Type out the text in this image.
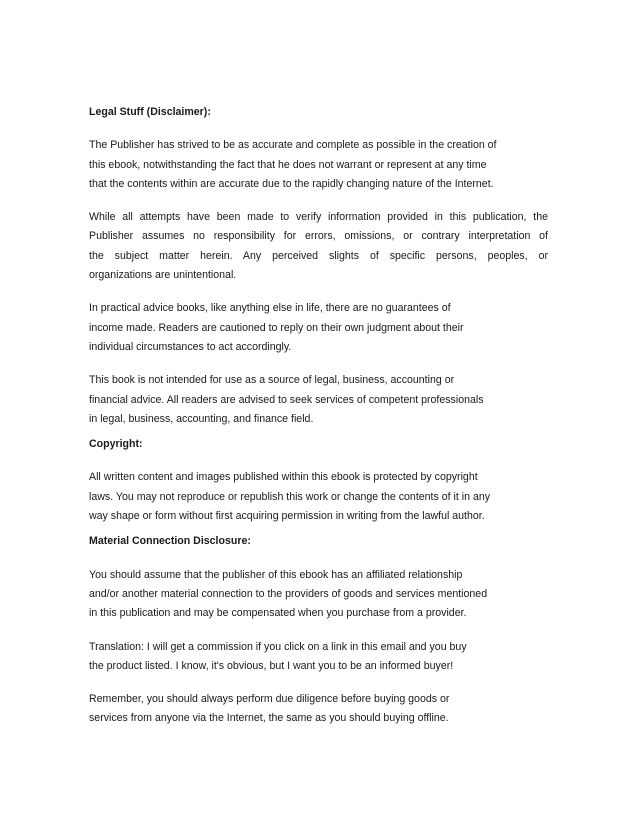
Legal Stuff (Disclaimer):
The Publisher has strived to be as accurate and complete as possible in the creation of
this ebook, notwithstanding the fact that he does not warrant or represent at any time
that the contents within are accurate due to the rapidly changing nature of the Internet.
While all attempts have been made to verify information provided in this publication, the
Publisher assumes no responsibility for errors, omissions, or contrary interpretation of
the subject matter herein. Any perceived slights of specific persons, peoples, or
organizations are unintentional.
In practical advice books, like anything else in life, there are no guarantees of
income made. Readers are cautioned to reply on their own judgment about their
individual circumstances to act accordingly.
This book is not intended for use as a source of legal, business, accounting or
financial advice. All readers are advised to seek services of competent professionals
in legal, business, accounting, and finance field.
Copyright:
All written content and images published within this ebook is protected by copyright
laws. You may not reproduce or republish this work or change the contents of it in any
way shape or form without first acquiring permission in writing from the lawful author.
Material Connection Disclosure:
You should assume that the publisher of this ebook has an affiliated relationship
and/or another material connection to the providers of goods and services mentioned
in this publication and may be compensated when you purchase from a provider.
Translation: I will get a commission if you click on a link in this email and you buy
the product listed. I know, it's obvious, but I want you to be an informed buyer!
Remember, you should always perform due diligence before buying goods or
services from anyone via the Internet, the same as you should buying offline.
